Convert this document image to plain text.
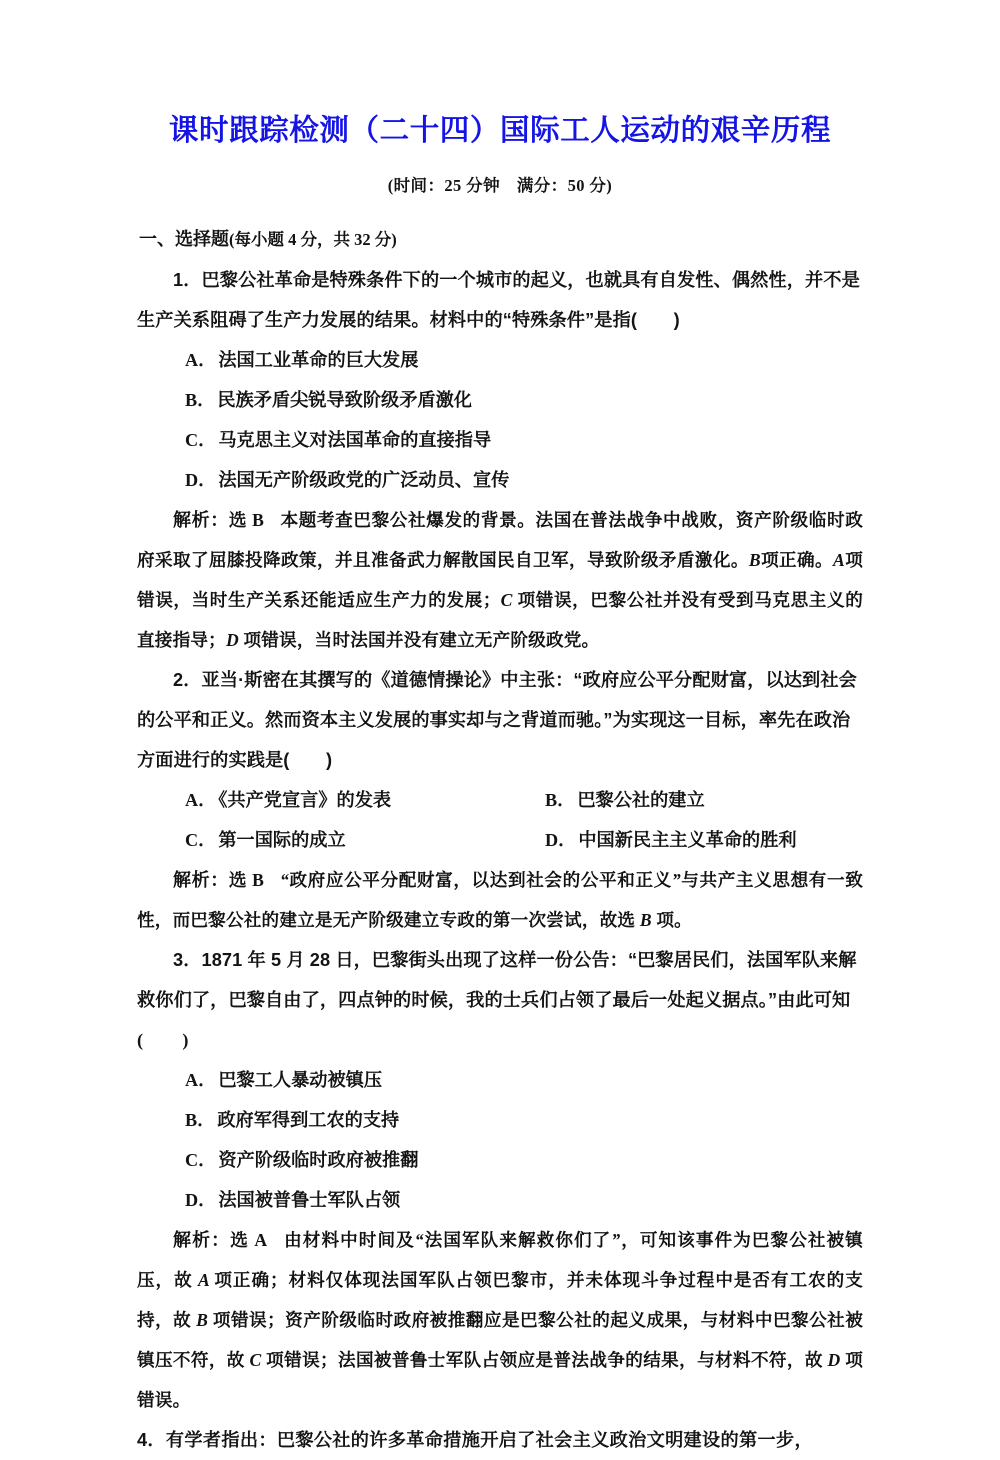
课时跟踪检测（二十四）国际工人运动的艰辛历程

(时间：25 分钟　满分：50 分)

一、选择题(每小题 4 分，共 32 分)

1．巴黎公社革命是特殊条件下的一个城市的起义，也就具有自发性、偶然性，并不是

生产关系阻碍了生产力发展的结果。材料中的“特殊条件”是指(　　)

A． 法国工业革命的巨大发展

B． 民族矛盾尖锐导致阶级矛盾激化

C． 马克思主义对法国革命的直接指导

D． 法国无产阶级政党的广泛动员、宣传

解析：选 B 本题考查巴黎公社爆发的背景。法国在普法战争中战败，资产阶级临时政府采取了屈膝投降政策，并且准备武力解散国民自卫军，导致阶级矛盾激化。B项正确。A项错误，当时生产关系还能适应生产力的发展；C 项错误，巴黎公社并没有受到马克思主义的直接指导；D 项错误，当时法国并没有建立无产阶级政党。

2．亚当·斯密在其撰写的《道德情操论》中主张：“政府应公平分配财富，以达到社会

的公平和正义。然而资本主义发展的事实却与之背道而驰。”为实现这一目标，率先在政治

方面进行的实践是(　　)

A． 《共产党宣言》的发表	B． 巴黎公社的建立
C． 第一国际的成立	D． 中国新民主主义革命的胜利

解析：选 B “政府应公平分配财富，以达到社会的公平和正义”与共产主义思想有一致性，而巴黎公社的建立是无产阶级建立专政的第一次尝试，故选 B 项。

3．1871 年 5 月 28 日，巴黎街头出现了这样一份公告：“巴黎居民们，法国军队来解

救你们了，巴黎自由了，四点钟的时候，我的士兵们占领了最后一处起义据点。”由此可知

(　　)

A． 巴黎工人暴动被镇压

B． 政府军得到工农的支持

C． 资产阶级临时政府被推翻

D． 法国被普鲁士军队占领

解析：选 A 由材料中时间及“法国军队来解救你们了”，可知该事件为巴黎公社被镇压，故 A 项正确；材料仅体现法国军队占领巴黎市，并未体现斗争过程中是否有工农的支持，故 B 项错误；资产阶级临时政府被推翻应是巴黎公社的起义成果，与材料中巴黎公社被镇压不符，故 C 项错误；法国被普鲁士军队占领应是普法战争的结果，与材料不符，故 D 项错误。

4．有学者指出：巴黎公社的许多革命措施开启了社会主义政治文明建设的第一步，
